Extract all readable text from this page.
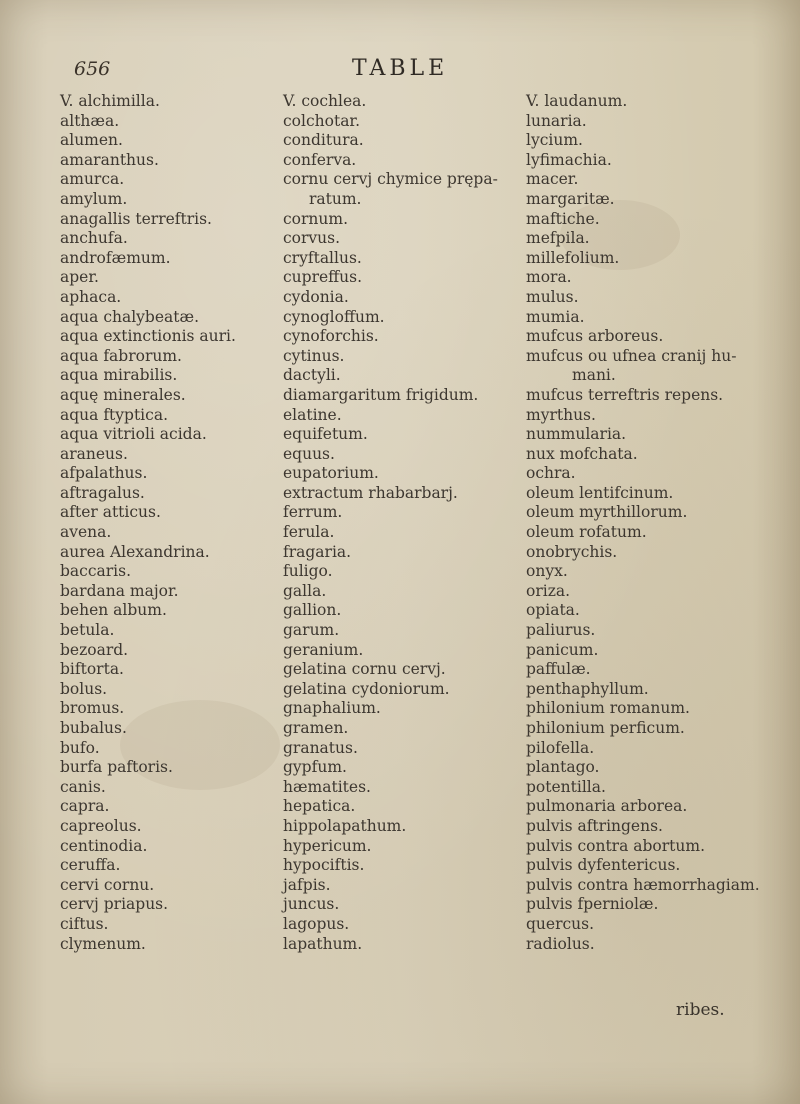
656	TABLE
V. alchimilla.
althæa.
alumen.
amaranthus.
amurca.
amylum.
anagallis terreftris.
anchufa.
androfæmum.
aper.
aphaca.
aqua chalybeatæ.
aqua extinctionis auri.
aqua fabrorum.
aqua mirabilis.
aquę minerales.
aqua ftyptica.
aqua vitrioli acida.
araneus.
afpalathus.
aftragalus.
after atticus.
avena.
aurea Alexandrina.
baccaris.
bardana major.
behen album.
betula.
bezoard.
biftorta.
bolus.
bromus.
bubalus.
bufo.
burfa paftoris.
canis.
capra.
capreolus.
centinodia.
ceruffa.
cervi cornu.
cervj priapus.
ciftus.
clymenum.
V. cochlea.
colchotar.
conditura.
conferva.
cornu cervj chymice prępa-
ratum.
cornum.
corvus.
cryftallus.
cupreffus.
cydonia.
cynogloffum.
cynoforchis.
cytinus.
dactyli.
diamargaritum frigidum.
elatine.
equifetum.
equus.
eupatorium.
extractum rhabarbarj.
ferrum.
ferula.
fragaria.
fuligo.
galla.
gallion.
garum.
geranium.
gelatina cornu cervj.
gelatina cydoniorum.
gnaphalium.
gramen.
granatus.
gypfum.
hæmatites.
hepatica.
hippolapathum.
hypericum.
hypociftis.
jafpis.
juncus.
lagopus.
lapathum.
V. laudanum.
lunaria.
lycium.
lyfimachia.
macer.
margaritæ.
maftiche.
mefpila.
millefolium.
mora.
mulus.
mumia.
mufcus arboreus.
mufcus ou ufnea cranij hu-
mani.
mufcus terreftris repens.
myrthus.
nummularia.
nux mofchata.
ochra.
oleum lentifcinum.
oleum myrthillorum.
oleum rofatum.
onobrychis.
onyx.
oriza.
opiata.
paliurus.
panicum.
paffulæ.
penthaphyllum.
philonium romanum.
philonium perficum.
pilofella.
plantago.
potentilla.
pulmonaria arborea.
pulvis aftringens.
pulvis contra abortum.
pulvis dyfentericus.
pulvis contra hæmorrhagiam.
pulvis fperniolæ.
quercus.
radiolus.
ribes.
